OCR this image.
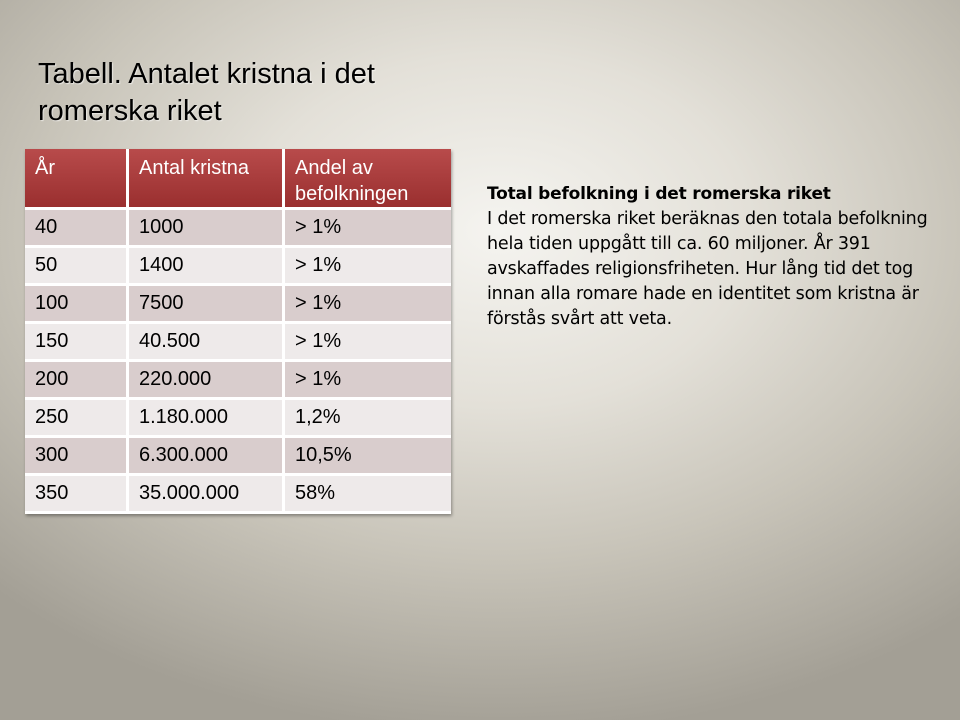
Tabell. Antalet kristna i det romerska riket
År	Antal kristna	Andel av befolkningen
40	1000	> 1%
50	1400	> 1%
100	7500	> 1%
150	40.500	> 1%
200	220.000	> 1%
250	1.180.000	1,2%
300	6.300.000	10,5%
350	35.000.000	58%

Total befolkning i det romerska riket

I det romerska riket beräknas den totala befolkning hela tiden uppgått till ca. 60 miljoner. År 391 avskaffades religionsfriheten. Hur lång tid det tog innan alla romare hade en identitet som kristna är förstås svårt att veta.
